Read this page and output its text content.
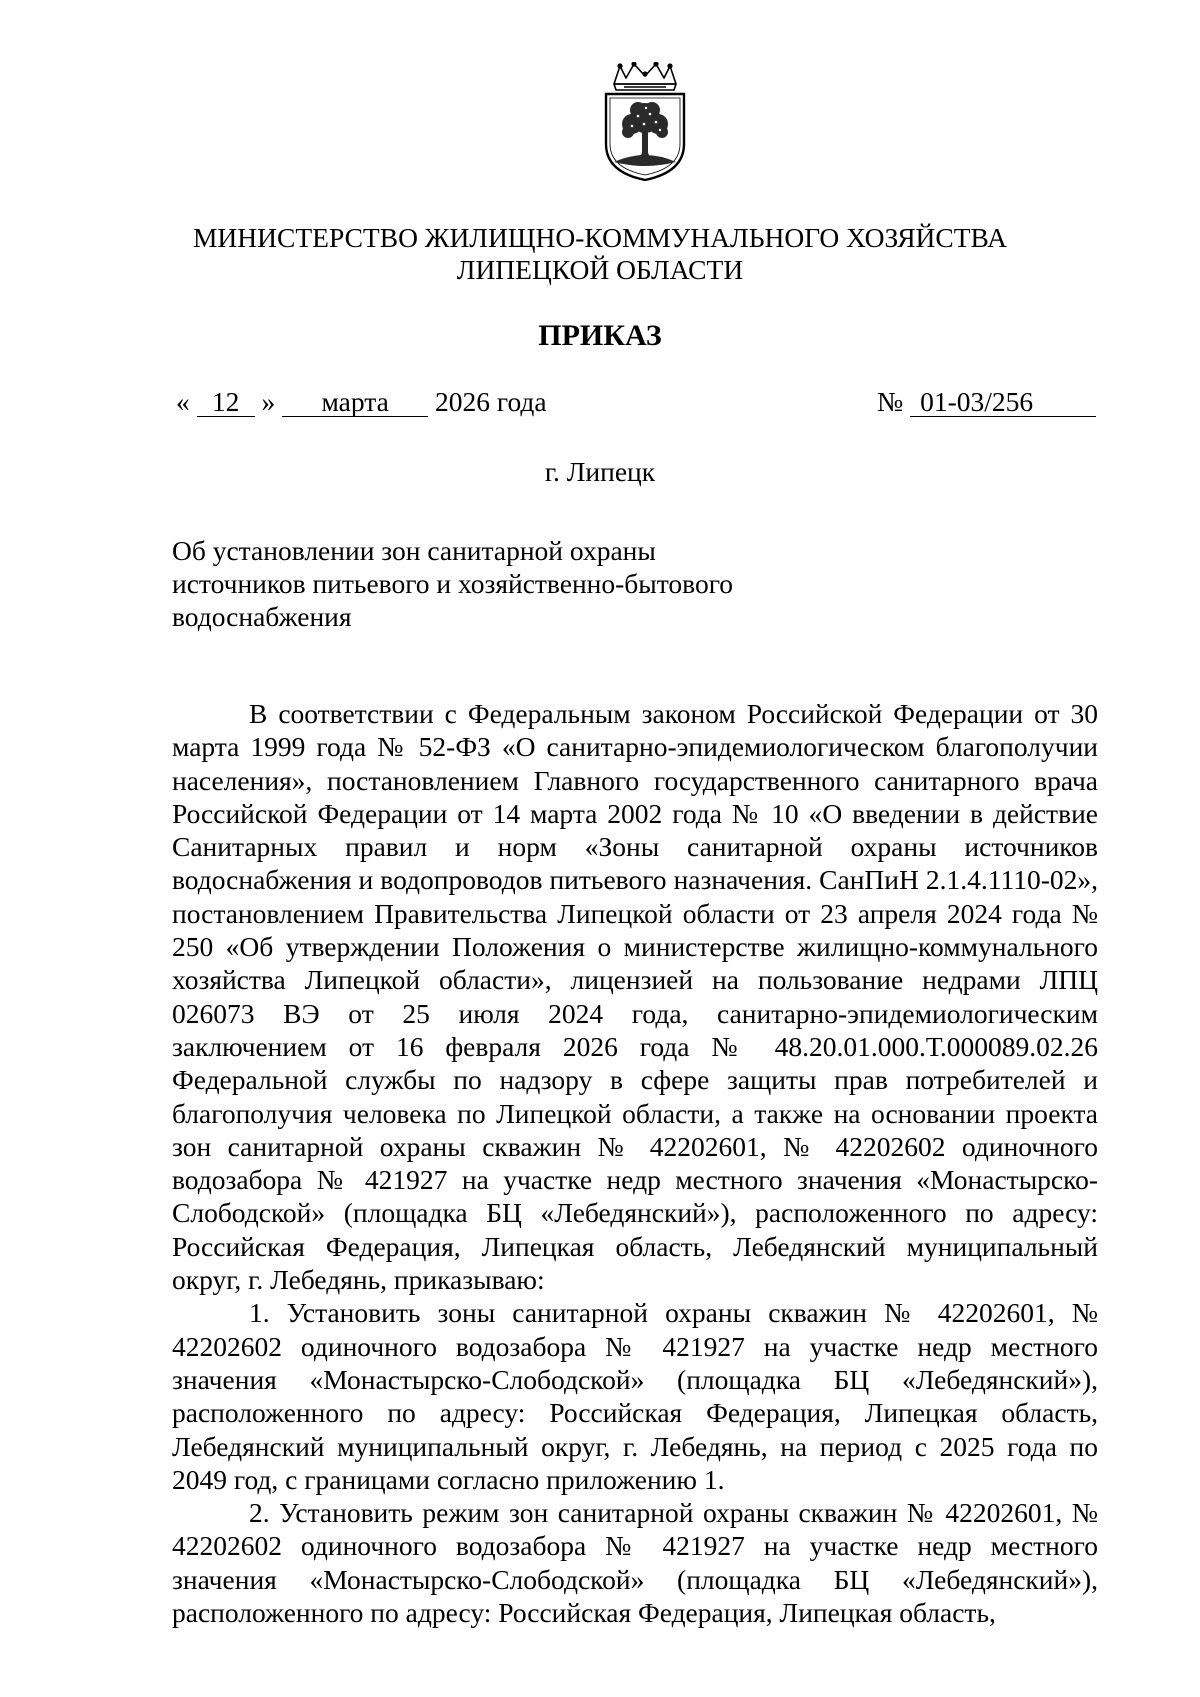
МИНИСТЕРСТВО ЖИЛИЩНО-КОММУНАЛЬНОГО ХОЗЯЙСТВА
ЛИПЕЦКОЙ ОБЛАСТИ
ПРИКАЗ
« 12 » марта 2026 года	№ 01-03/256
г. Липецк
Об установлении зон санитарной охраны
источников питьевого и хозяйственно-бытового
водоснабжения

В соответствии с Федеральным законом Российской Федерации от 30 марта 1999 года № 52-ФЗ «О санитарно-эпидемиологическом благополучии населения», постановлением Главного государственного санитарного врача Российской Федерации от 14 марта 2002 года № 10 «О введении в действие Санитарных правил и норм «Зоны санитарной охраны источников водоснабжения и водопроводов питьевого назначения. СанПиН 2.1.4.1110-02», постановлением Правительства Липецкой области от 23 апреля 2024 года № 250 «Об утверждении Положения о министерстве жилищно-коммунального хозяйства Липецкой области», лицензией на пользование недрами ЛПЦ 026073 ВЭ от 25 июля 2024 года, санитарно-эпидемиологическим заключением от 16 февраля 2026 года № 48.20.01.000.Т.000089.02.26 Федеральной службы по надзору в сфере защиты прав потребителей и благополучия человека по Липецкой области, а также на основании проекта зон санитарной охраны скважин № 42202601, № 42202602 одиночного водозабора № 421927 на участке недр местного значения «Монастырско-Слободской» (площадка БЦ «Лебедянский»), расположенного по адресу: Российская Федерация, Липецкая область, Лебедянский муниципальный округ, г. Лебедянь, приказываю:

1. Установить зоны санитарной охраны скважин № 42202601, № 42202602 одиночного водозабора № 421927 на участке недр местного значения «Монастырско-Слободской» (площадка БЦ «Лебедянский»), расположенного по адресу: Российская Федерация, Липецкая область, Лебедянский муниципальный округ, г. Лебедянь, на период с 2025 года по 2049 год, с границами согласно приложению 1.

2. Установить режим зон санитарной охраны скважин № 42202601, № 42202602 одиночного водозабора № 421927 на участке недр местного значения «Монастырско-Слободской» (площадка БЦ «Лебедянский»), расположенного по адресу: Российская Федерация, Липецкая область,
